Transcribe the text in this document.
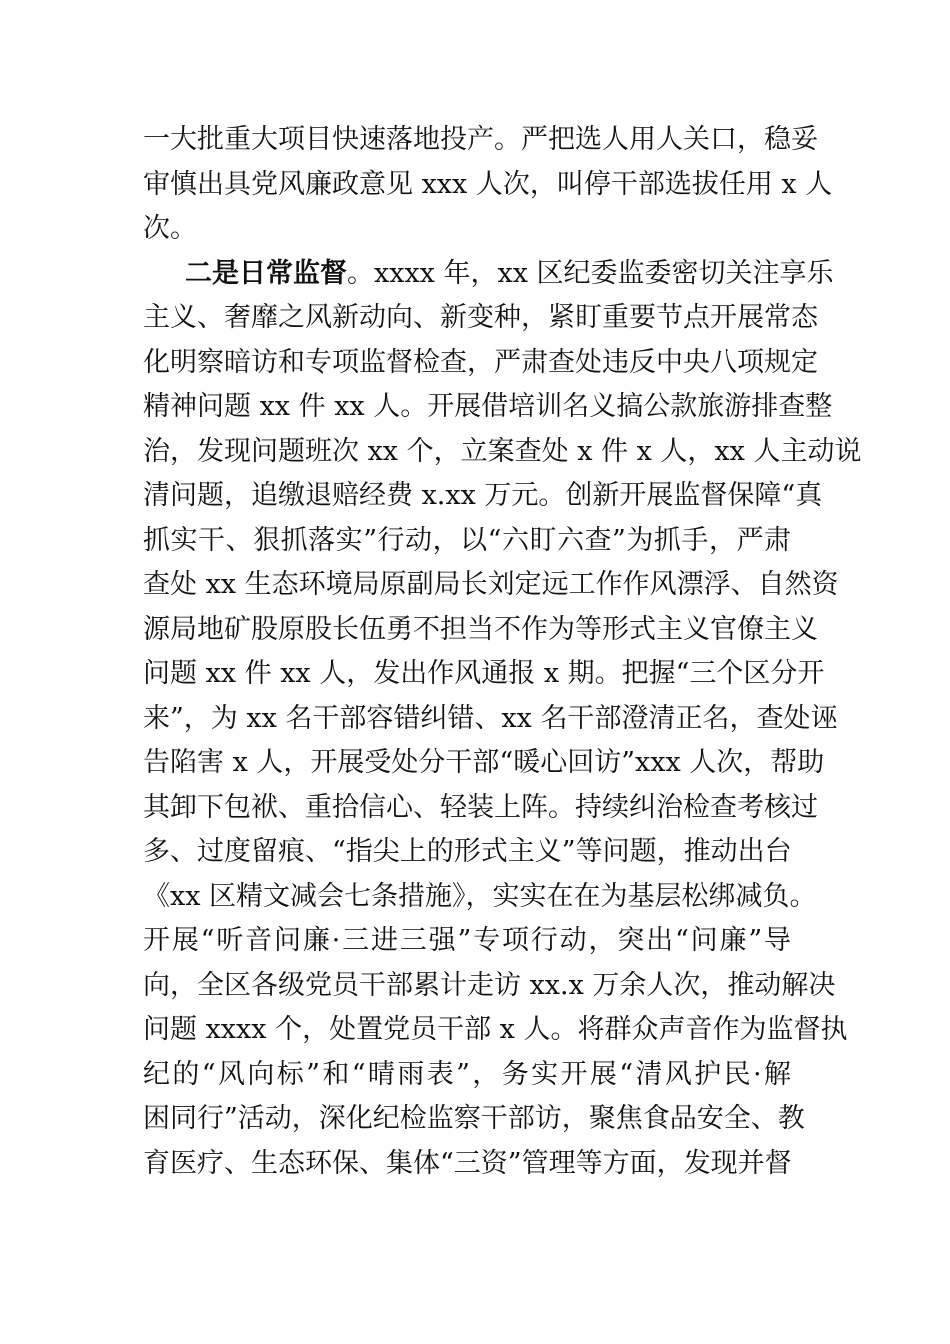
一大批重大项目快速落地投产。严把选人用人关口，稳妥
审慎出具党风廉政意见 xxx 人次，叫停干部选拔任用 x 人
次。
二是日常监督。xxxx 年，xx 区纪委监委密切关注享乐
主义、奢靡之风新动向、新变种，紧盯重要节点开展常态
化明察暗访和专项监督检查，严肃查处违反中央八项规定
精神问题 xx 件 xx 人。开展借培训名义搞公款旅游排查整
治，发现问题班次 xx 个，立案查处 x 件 x 人，xx 人主动说
清问题，追缴退赔经费 x.xx 万元。创新开展监督保障“真
抓实干、狠抓落实”行动，以“六盯六查”为抓手，严肃
查处 xx 生态环境局原副局长刘定远工作作风漂浮、自然资
源局地矿股原股长伍勇不担当不作为等形式主义官僚主义
问题 xx 件 xx 人，发出作风通报 x 期。把握“三个区分开
来”，为 xx 名干部容错纠错、xx 名干部澄清正名，查处诬
告陷害 x 人，开展受处分干部“暖心回访”xxx 人次，帮助
其卸下包袱、重拾信心、轻装上阵。持续纠治检查考核过
多、过度留痕、“指尖上的形式主义”等问题，推动出台
《xx 区精文减会七条措施》，实实在在为基层松绑减负。
开展“听音问廉·三进三强”专项行动，突出“问廉”导
向，全区各级党员干部累计走访 xx.x 万余人次，推动解决
问题 xxxx 个，处置党员干部 x 人。将群众声音作为监督执
纪的“风向标”和“晴雨表”，务实开展“清风护民·解
困同行”活动，深化纪检监察干部访，聚焦食品安全、教
育医疗、生态环保、集体“三资”管理等方面，发现并督
